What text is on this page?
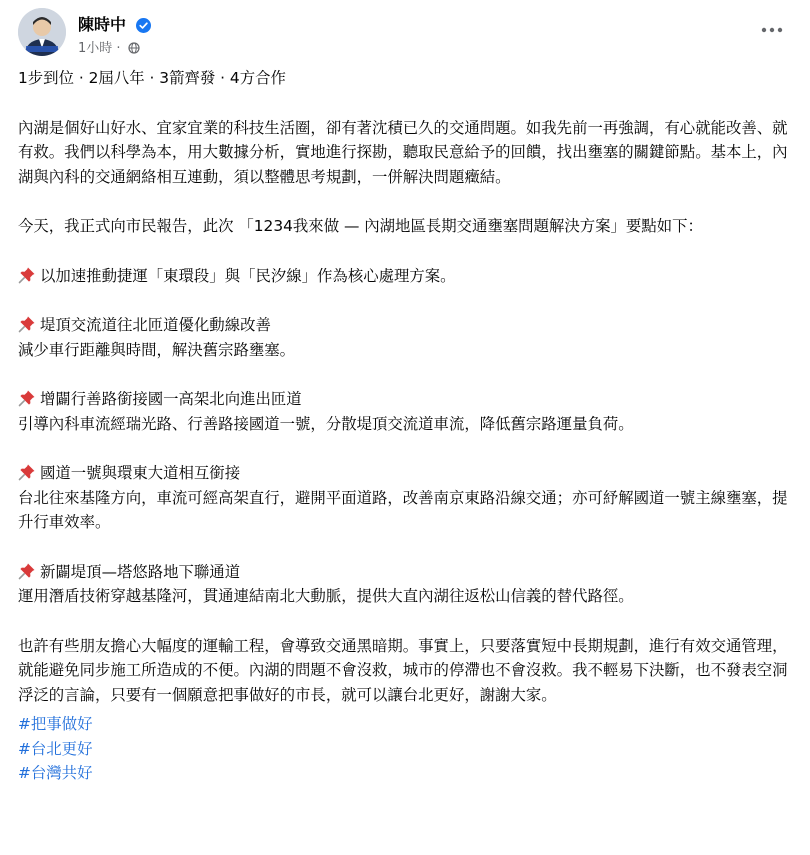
陳時中
1小時 ·

1步到位 · 2屆八年 · 3箭齊發 · 4方合作

內湖是個好山好水、宜家宜業的科技生活圈，卻有著沈積已久的交通問題。如我先前一再強調，有心就能改善、就有救。我們以科學為本，用大數據分析，實地進行探勘，聽取民意給予的回饋，找出壅塞的關鍵節點。基本上，內湖與內科的交通網絡相互連動，須以整體思考規劃，一併解決問題癥結。

今天，我正式向市民報告，此次 「1234我來做 — 內湖地區長期交通壅塞問題解決方案」要點如下：

以加速推動捷運「東環段」與「民汐線」作為核心處理方案。

堤頂交流道往北匝道優化動線改善

減少車行距離與時間，解決舊宗路壅塞。

增闢行善路銜接國一高架北向進出匝道

引導內科車流經瑞光路、行善路接國道一號，分散堤頂交流道車流，降低舊宗路運量負荷。

國道一號與環東大道相互銜接

台北往來基隆方向，車流可經高架直行，避開平面道路，改善南京東路沿線交通；亦可紓解國道一號主線壅塞，提升行車效率。

新闢堤頂—塔悠路地下聯通道

運用潛盾技術穿越基隆河，貫通連結南北大動脈，提供大直內湖往返松山信義的替代路徑。

也許有些朋友擔心大幅度的運輸工程，會導致交通黑暗期。事實上，只要落實短中長期規劃，進行有效交通管理，就能避免同步施工所造成的不便。內湖的問題不會沒救，城市的停滯也不會沒救。我不輕易下決斷，也不發表空洞浮泛的言論，只要有一個願意把事做好的市長，就可以讓台北更好，謝謝大家。

#把事做好
#台北更好
#台灣共好
